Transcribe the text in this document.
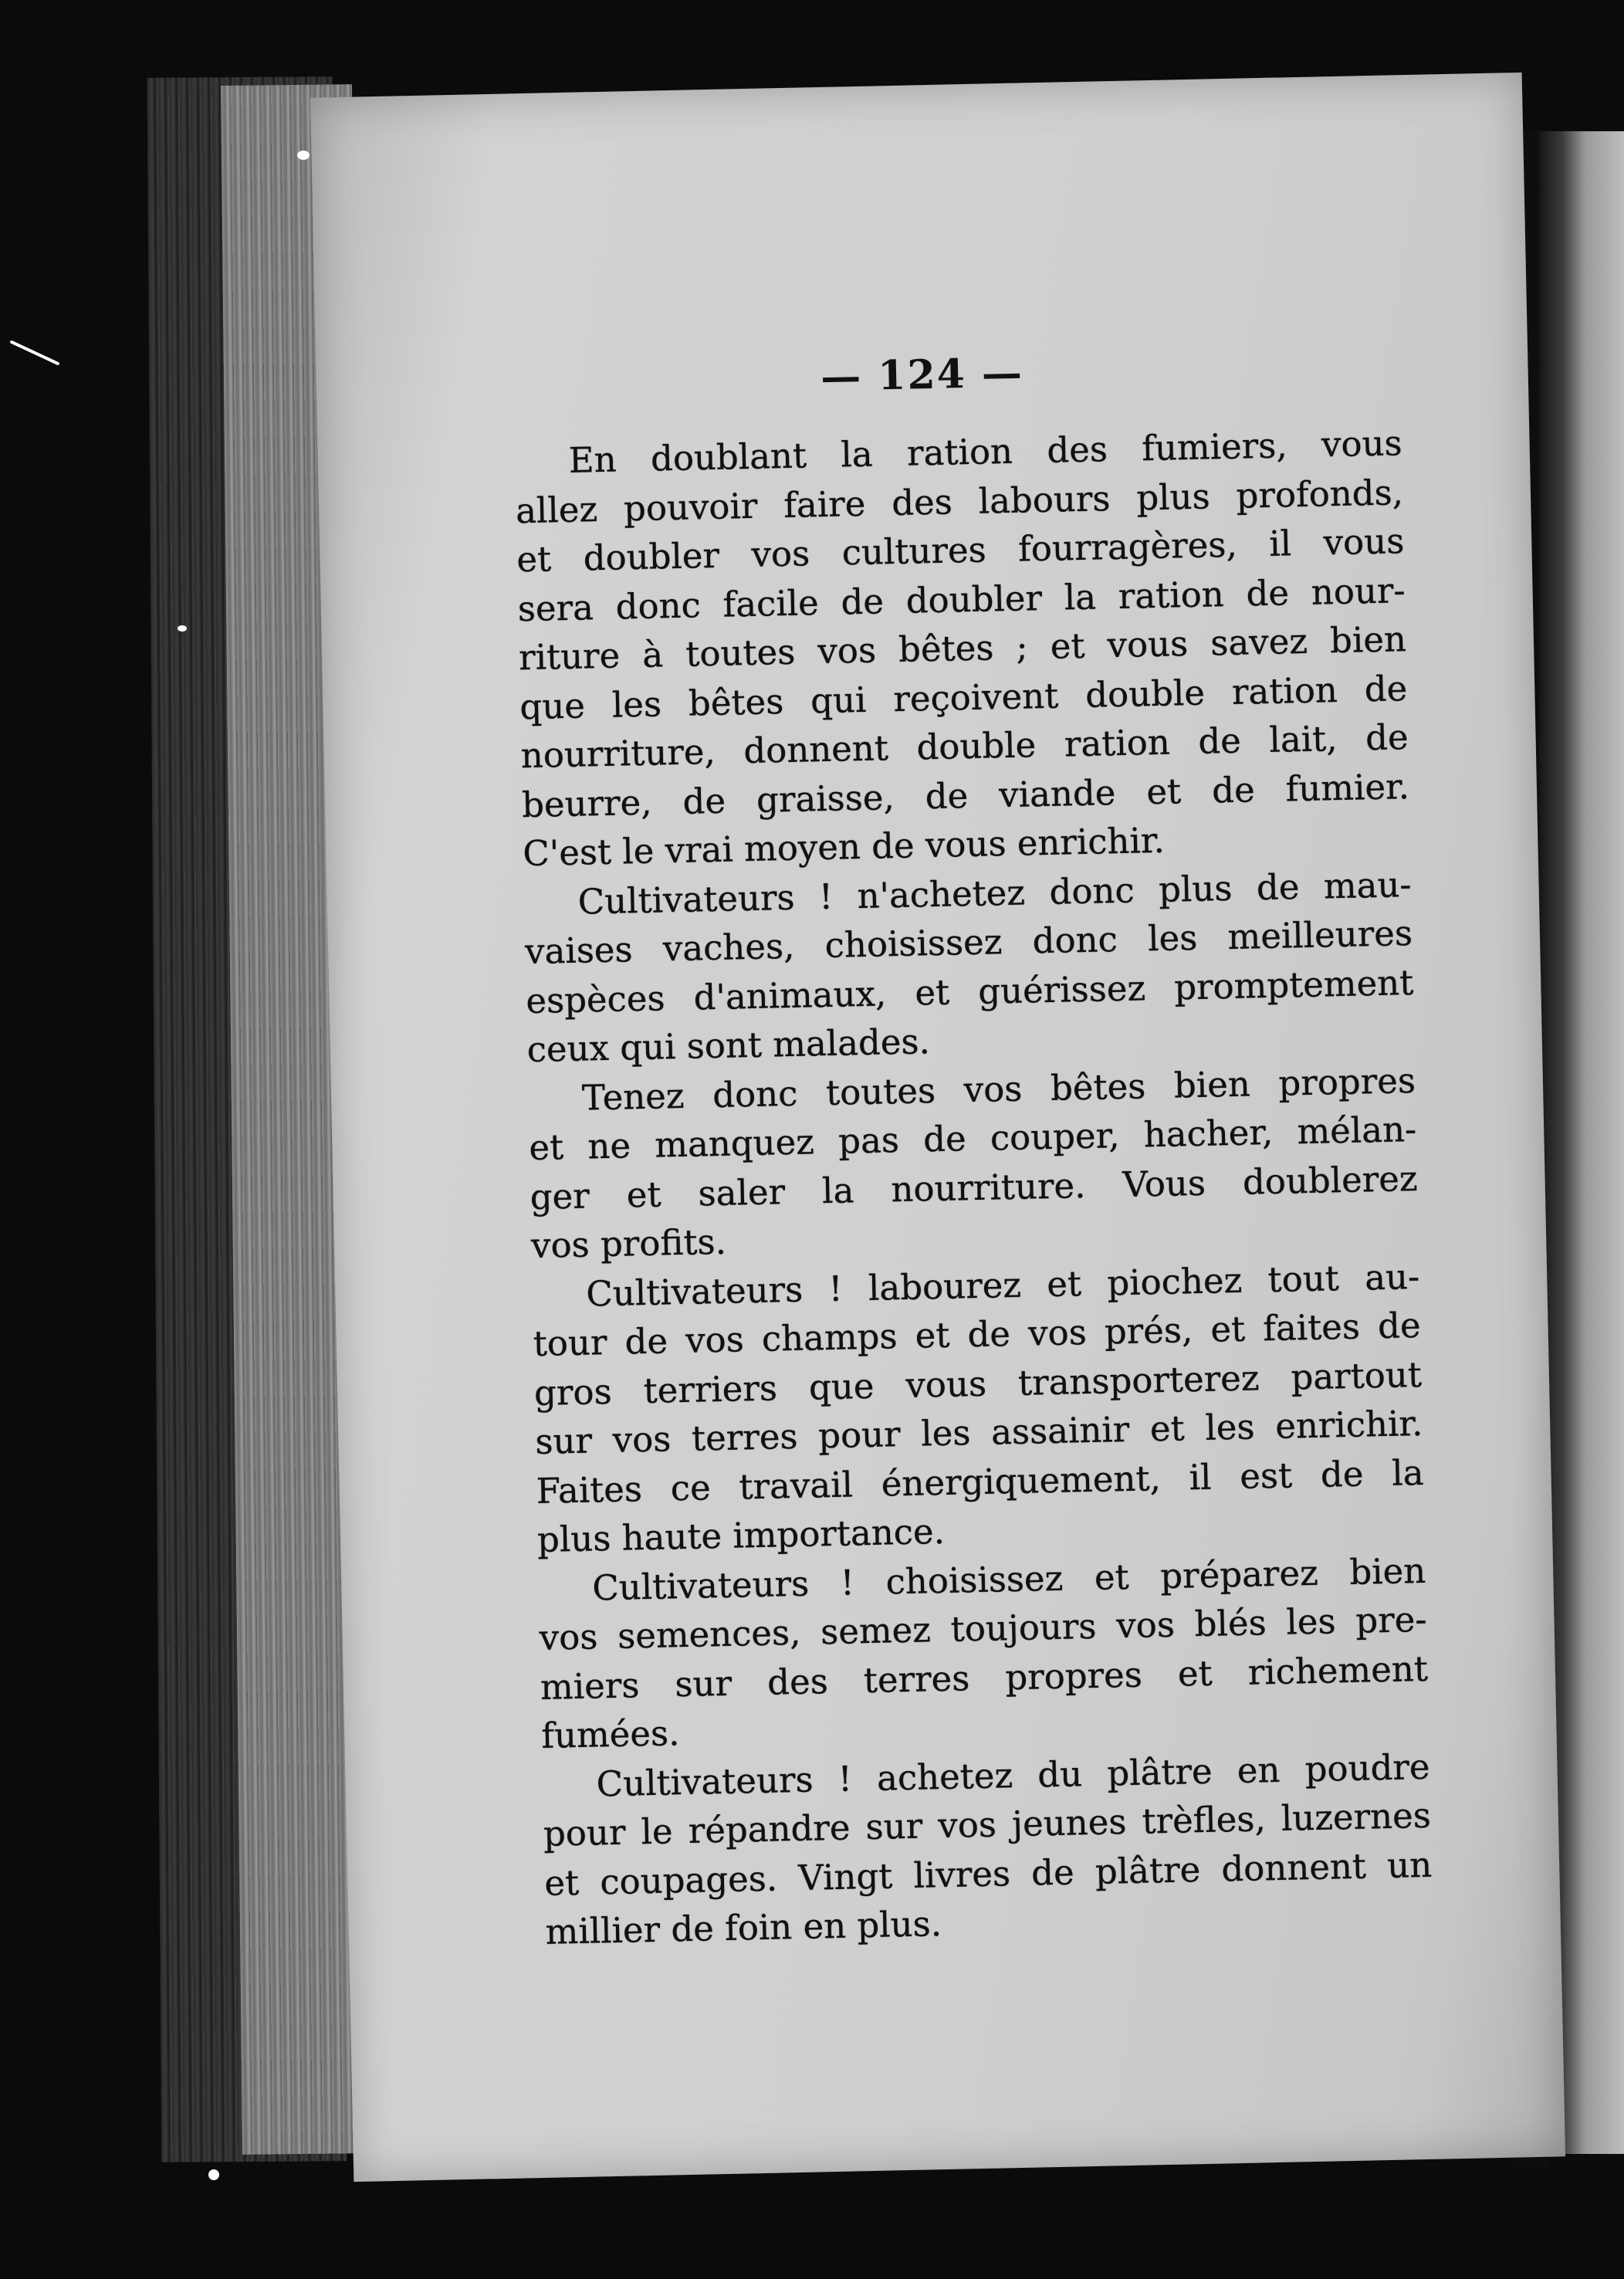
— 124 —
En doublant la ration des fumiers, vous
allez pouvoir faire des labours plus profonds,
et doubler vos cultures fourragères, il vous
sera donc facile de doubler la ration de nour-
riture à toutes vos bêtes ; et vous savez bien
que les bêtes qui reçoivent double ration de
nourriture, donnent double ration de lait, de
beurre, de graisse, de viande et de fumier.
C'est le vrai moyen de vous enrichir.
Cultivateurs ! n'achetez donc plus de mau-
vaises vaches, choisissez donc les meilleures
espèces d'animaux, et guérissez promptement
ceux qui sont malades.
Tenez donc toutes vos bêtes bien propres
et ne manquez pas de couper, hacher, mélan-
ger et saler la nourriture. Vous doublerez
vos profits.
Cultivateurs ! labourez et piochez tout au-
tour de vos champs et de vos prés, et faites de
gros terriers que vous transporterez partout
sur vos terres pour les assainir et les enrichir.
Faites ce travail énergiquement, il est de la
plus haute importance.
Cultivateurs ! choisissez et préparez bien
vos semences, semez toujours vos blés les pre-
miers sur des terres propres et richement
fumées.
Cultivateurs ! achetez du plâtre en poudre
pour le répandre sur vos jeunes trèfles, luzernes
et coupages. Vingt livres de plâtre donnent un
millier de foin en plus.
